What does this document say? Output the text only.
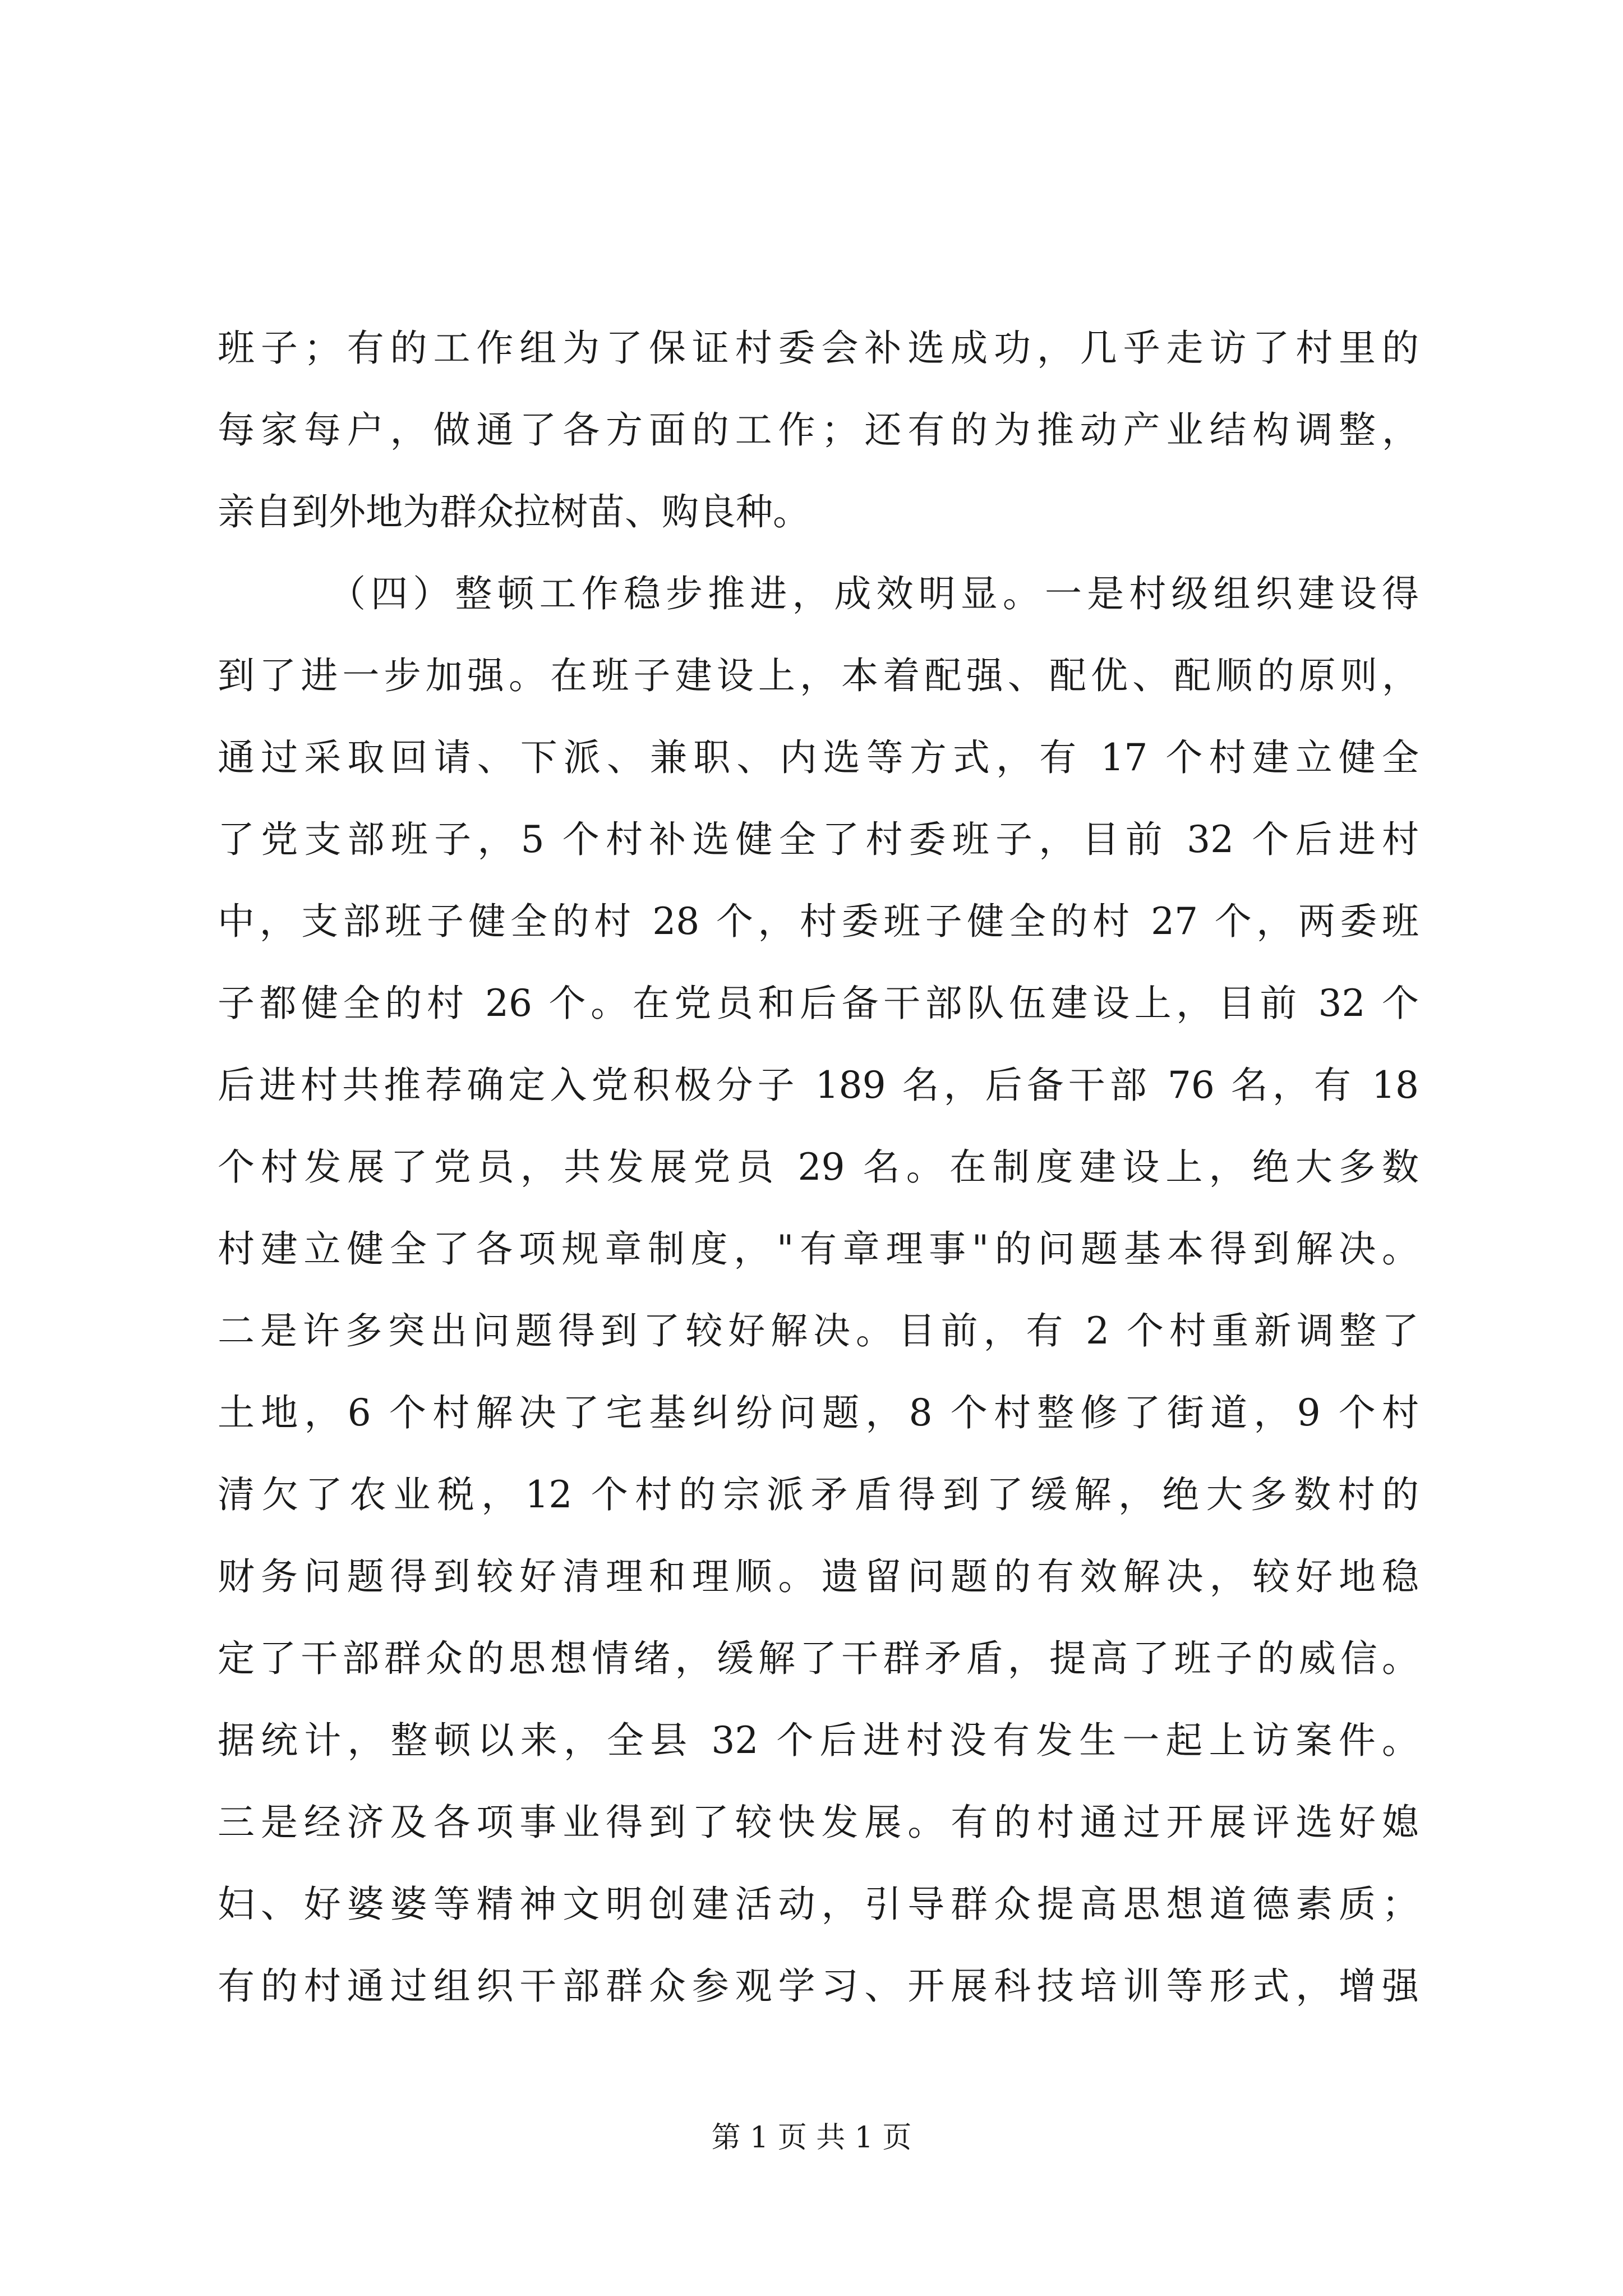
班子；有的工作组为了保证村委会补选成功，几乎走访了村里的
每家每户，做通了各方面的工作；还有的为推动产业结构调整，
亲自到外地为群众拉树苗、购良种。
（四）整顿工作稳步推进，成效明显。一是村级组织建设得
到了进一步加强。在班子建设上，本着配强、配优、配顺的原则，
通过采取回请、下派、兼职、内选等方式，有 17 个村建立健全
了党支部班子，5 个村补选健全了村委班子，目前 32 个后进村
中，支部班子健全的村 28 个，村委班子健全的村 27 个，两委班
子都健全的村 26 个。在党员和后备干部队伍建设上，目前 32 个
后进村共推荐确定入党积极分子 189 名，后备干部 76 名，有 18
个村发展了党员，共发展党员 29 名。在制度建设上，绝大多数
村建立健全了各项规章制度，"有章理事"的问题基本得到解决。
二是许多突出问题得到了较好解决。目前，有 2 个村重新调整了
土地，6 个村解决了宅基纠纷问题，8 个村整修了街道，9 个村
清欠了农业税，12 个村的宗派矛盾得到了缓解，绝大多数村的
财务问题得到较好清理和理顺。遗留问题的有效解决，较好地稳
定了干部群众的思想情绪，缓解了干群矛盾，提高了班子的威信。
据统计，整顿以来，全县 32 个后进村没有发生一起上访案件。
三是经济及各项事业得到了较快发展。有的村通过开展评选好媳
妇、好婆婆等精神文明创建活动，引导群众提高思想道德素质；
有的村通过组织干部群众参观学习、开展科技培训等形式，增强
第 1 页 共 1 页
